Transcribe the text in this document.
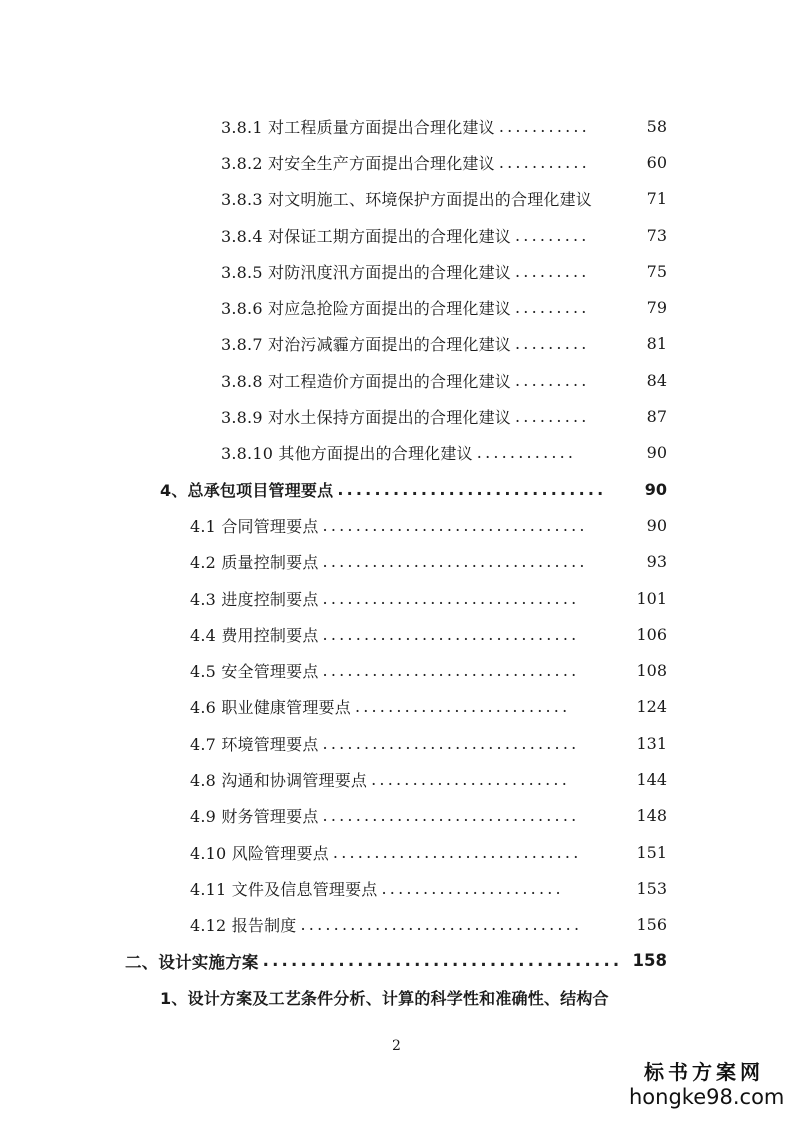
3.8.1 对工程质量方面提出合理化建议 ...........	58
3.8.2 对安全生产方面提出合理化建议 ...........	60
3.8.3 对文明施工、环境保护方面提出的合理化建议	71
3.8.4 对保证工期方面提出的合理化建议 .........	73
3.8.5 对防汛度汛方面提出的合理化建议 .........	75
3.8.6 对应急抢险方面提出的合理化建议 .........	79
3.8.7 对治污减霾方面提出的合理化建议 .........	81
3.8.8 对工程造价方面提出的合理化建议 .........	84
3.8.9 对水土保持方面提出的合理化建议 .........	87
3.8.10 其他方面提出的合理化建议 ............	90
4、总承包项目管理要点 .............................	90
4.1 合同管理要点 ................................	90
4.2 质量控制要点 ................................	93
4.3 进度控制要点 ...............................	101
4.4 费用控制要点 ...............................	106
4.5 安全管理要点 ...............................	108
4.6 职业健康管理要点 ..........................	124
4.7 环境管理要点 ...............................	131
4.8 沟通和协调管理要点 ........................	144
4.9 财务管理要点 ...............................	148
4.10 风险管理要点 ..............................	151
4.11 文件及信息管理要点 ......................	153
4.12 报告制度 ..................................	156
二、设计实施方案 ...................................... 158
1、设计方案及工艺条件分析、计算的科学性和准确性、结构合
2
标书方案网
hongke98.com
